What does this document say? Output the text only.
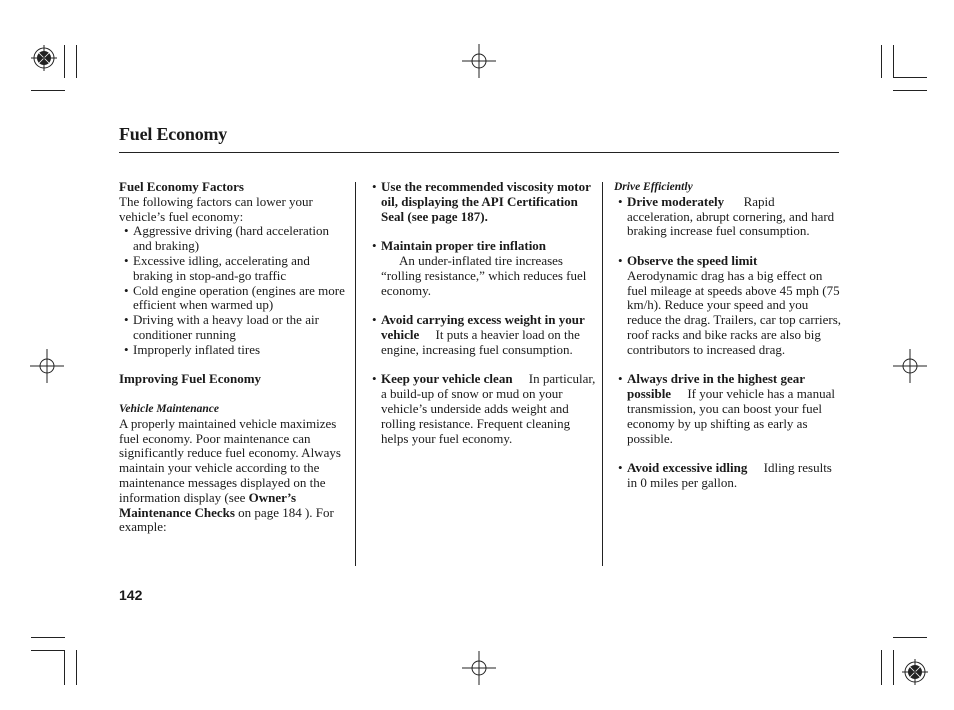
Fuel Economy

Fuel Economy Factors

The following factors can lower your vehicle’s fuel economy:

• Aggressive driving (hard acceleration and braking)
• Excessive idling, accelerating and braking in stop-and-go traffic
• Cold engine operation (engines are more efficient when warmed up)
• Driving with a heavy load or the air conditioner running
• Improperly inflated tires

Improving Fuel Economy

Vehicle Maintenance

A properly maintained vehicle maximizes fuel economy. Poor maintenance can significantly reduce fuel economy. Always maintain your vehicle according to the maintenance messages displayed on the information display (see Owner’s Maintenance Checks on page 184 ). For example:

• Use the recommended viscosity motor oil, displaying the API Certification Seal (see page 187).
• Maintain proper tire inflation

An under-inflated tire increases “rolling resistance,” which reduces fuel economy.

• Avoid carrying excess weight in your vehicle It puts a heavier load on the engine, increasing fuel consumption.
• Keep your vehicle clean In particular, a build-up of snow or mud on your vehicle’s underside adds weight and rolling resistance. Frequent cleaning helps your fuel economy.

Drive Efficiently

• Drive moderately Rapid acceleration, abrupt cornering, and hard braking increase fuel consumption.
• Observe the speed limit
Aerodynamic drag has a big effect on fuel mileage at speeds above 45 mph (75 km/h). Reduce your speed and you reduce the drag. Trailers, car top carriers, roof racks and bike racks are also big contributors to increased drag.
• Always drive in the highest gear possible If your vehicle has a manual transmission, you can boost your fuel economy by up shifting as early as possible.
• Avoid excessive idling Idling results in 0 miles per gallon.
142
